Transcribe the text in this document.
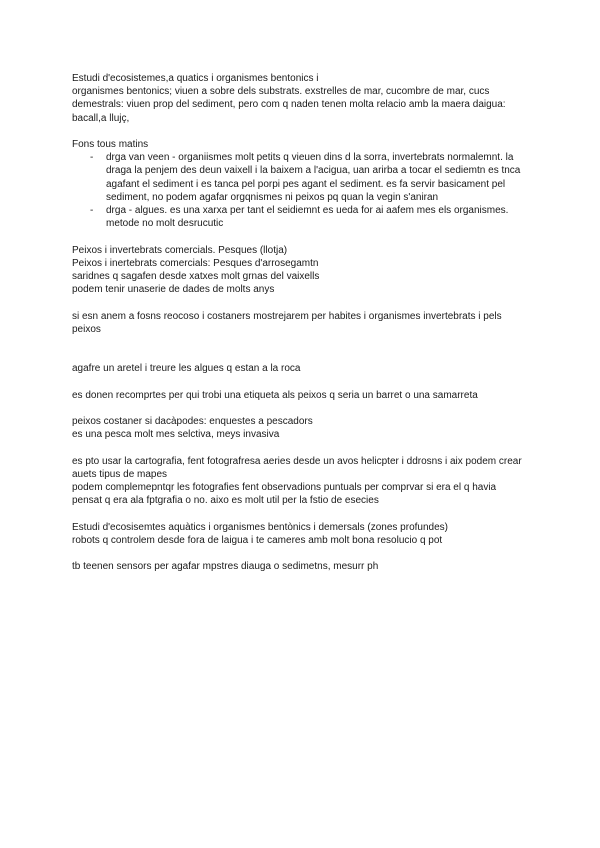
Estudi d'ecosistemes,a quatics i organismes bentonics i
organismes bentonics; viuen a sobre dels substrats. exstrelles de mar, cucombre de mar, cucs
demestrals: viuen prop del sediment, pero com q naden tenen molta relacio amb la maera daigua: bacall,a llujç,
Fons tous matins
- drga van veen - organiismes molt petits q vieuen dins d la sorra, invertebrats normalemnt. la draga la penjem des deun vaixell i la baixem a l'acigua, uan arirba a tocar el sediemtn es tnca agafant el sediment i es tanca pel porpi pes agant el sediment. es fa servir basicament pel sediment, no podem agafar orgqnismes ni peixos pq quan la vegin s'aniran
- drga - algues. es una xarxa per tant el seidiemnt es ueda for ai aafem mes els organismes. metode no molt desrucutic
Peixos i invertebrats comercials. Pesques (llotja)
Peixos i inertebrats comercials: Pesques d'arrosegamtn
saridnes q sagafen desde xatxes molt grnas del vaixells
podem tenir unaserie de dades de molts anys
si esn anem a fosns reocoso i costaners mostrejarem per habites i organismes invertebrats i pels peixos
agafre un aretel i treure les algues q estan a la roca
es donen recomprtes per qui trobi una etiqueta als peixos q seria un barret o una samarreta
peixos costaner si dacàpodes: enquestes a pescadors
es una pesca molt mes selctiva, meys invasiva
es pto usar la cartografia, fent fotografresa aeries desde un avos helicpter i ddrosns i aix podem crear auets tipus de mapes
podem complemepntqr les fotografies fent observadions puntuals per comprvar si era el q havia pensat q era ala fptgrafia o no. aixo es molt util per la fstio de esecies
Estudi d'ecosisemtes aquàtics i organismes bentònics i demersals (zones profundes)
robots q controlem desde fora de laigua i te cameres amb molt bona resolucio q pot
tb teenen sensors per agafar mpstres diauga o sedimetns, mesurr ph
